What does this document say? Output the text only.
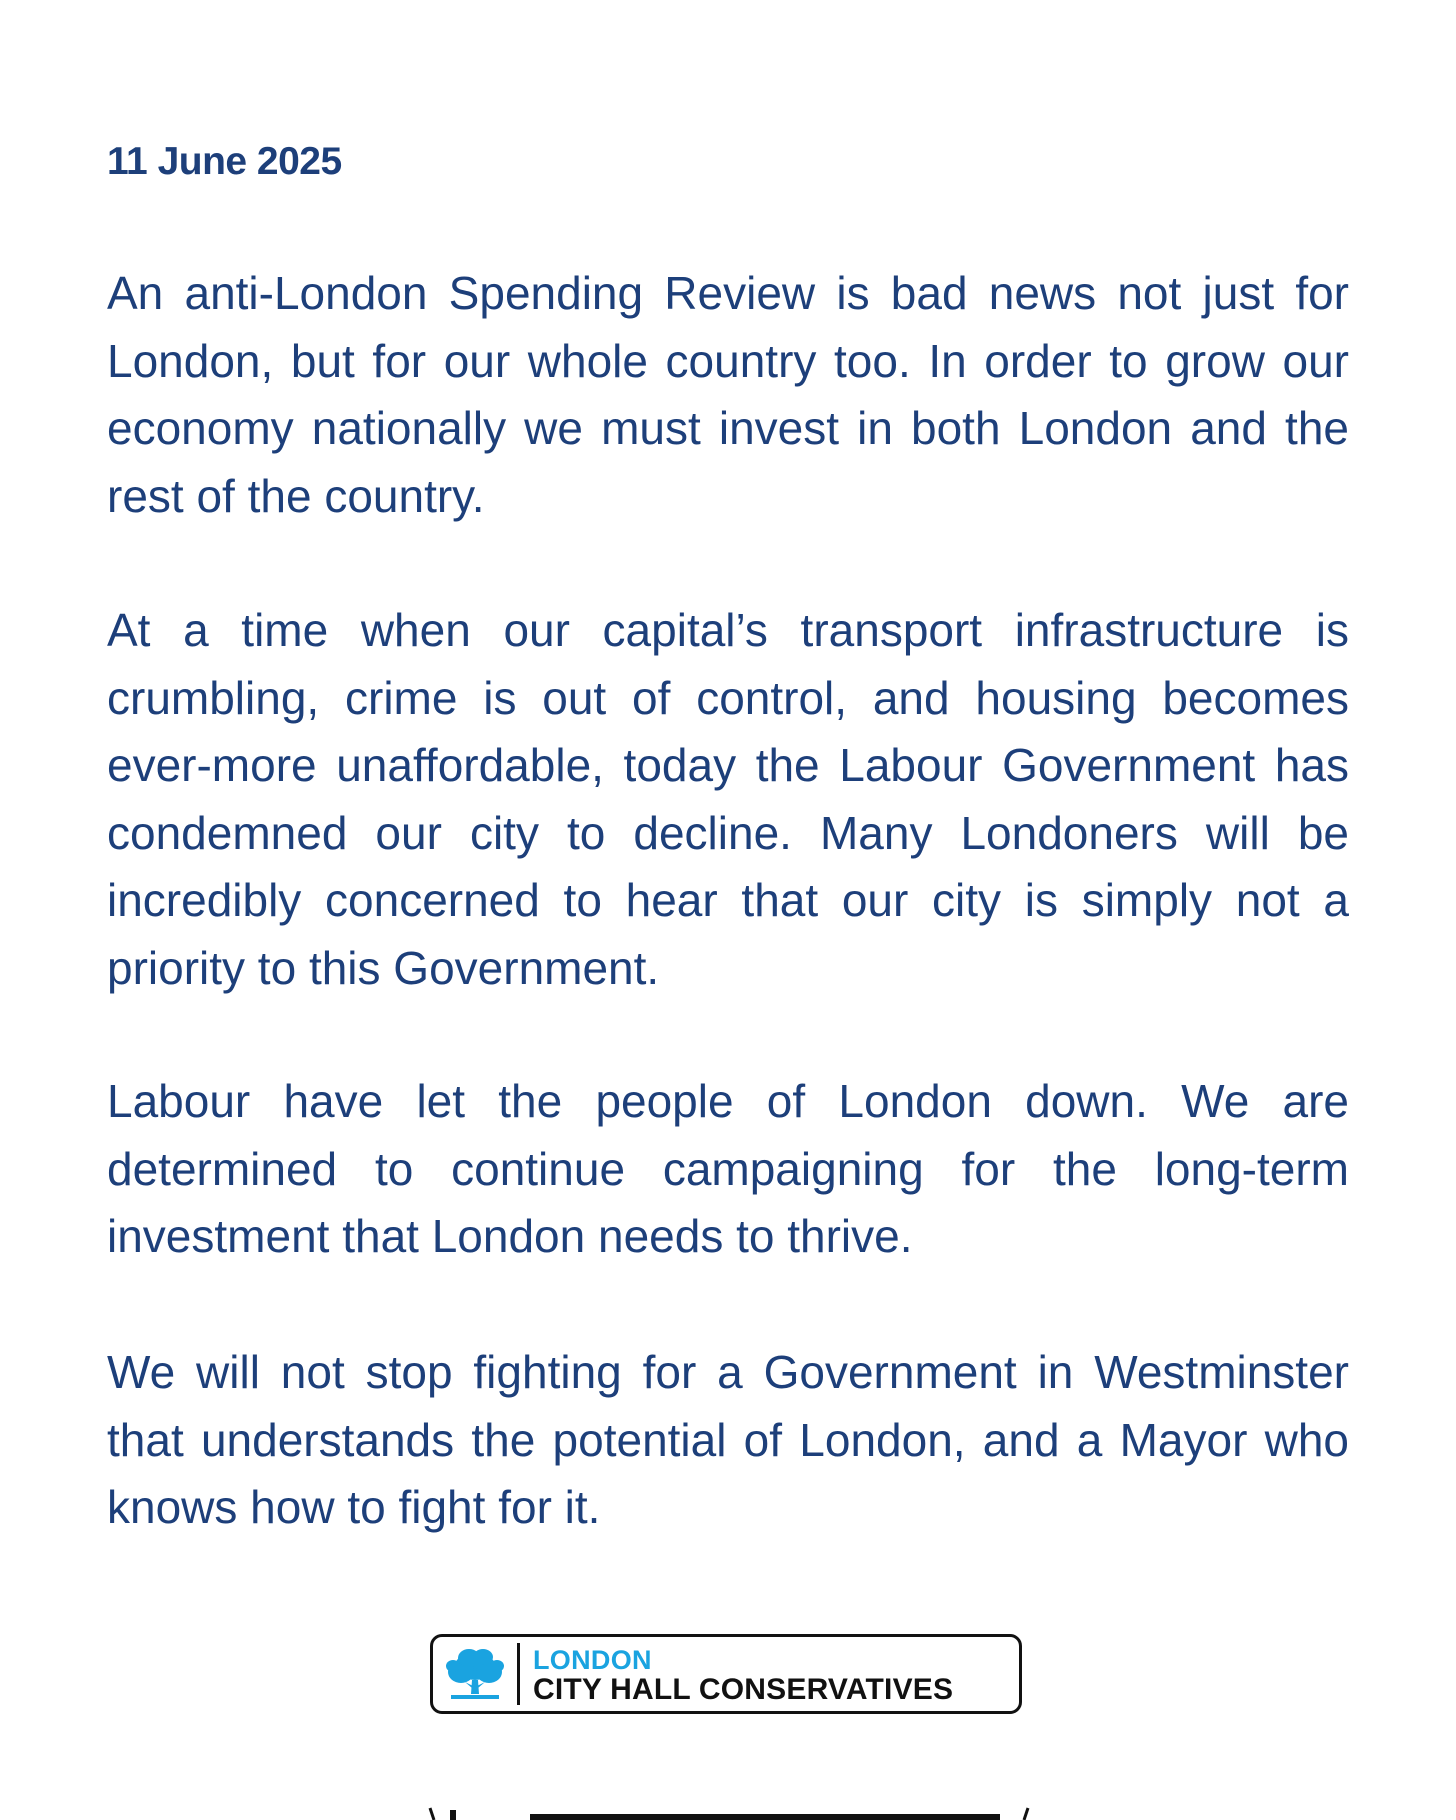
11 June 2025

An anti-London Spending Review is bad news not just for London, but for our whole country too. In order to grow our economy nationally we must invest in both London and the rest of the country.

At a time when our capital’s transport infrastructure is crumbling, crime is out of control, and housing becomes ever-more unaffordable, today the Labour Government has condemned our city to decline. Many Londoners will be incredibly concerned to hear that our city is simply not a priority to this Government.

Labour have let the people of London down. We are determined to continue campaigning for the long-term investment that London needs to thrive.

We will not stop fighting for a Government in Westminster that understands the potential of London, and a Mayor who knows how to fight for it.

LONDON
CITY HALL CONSERVATIVES
